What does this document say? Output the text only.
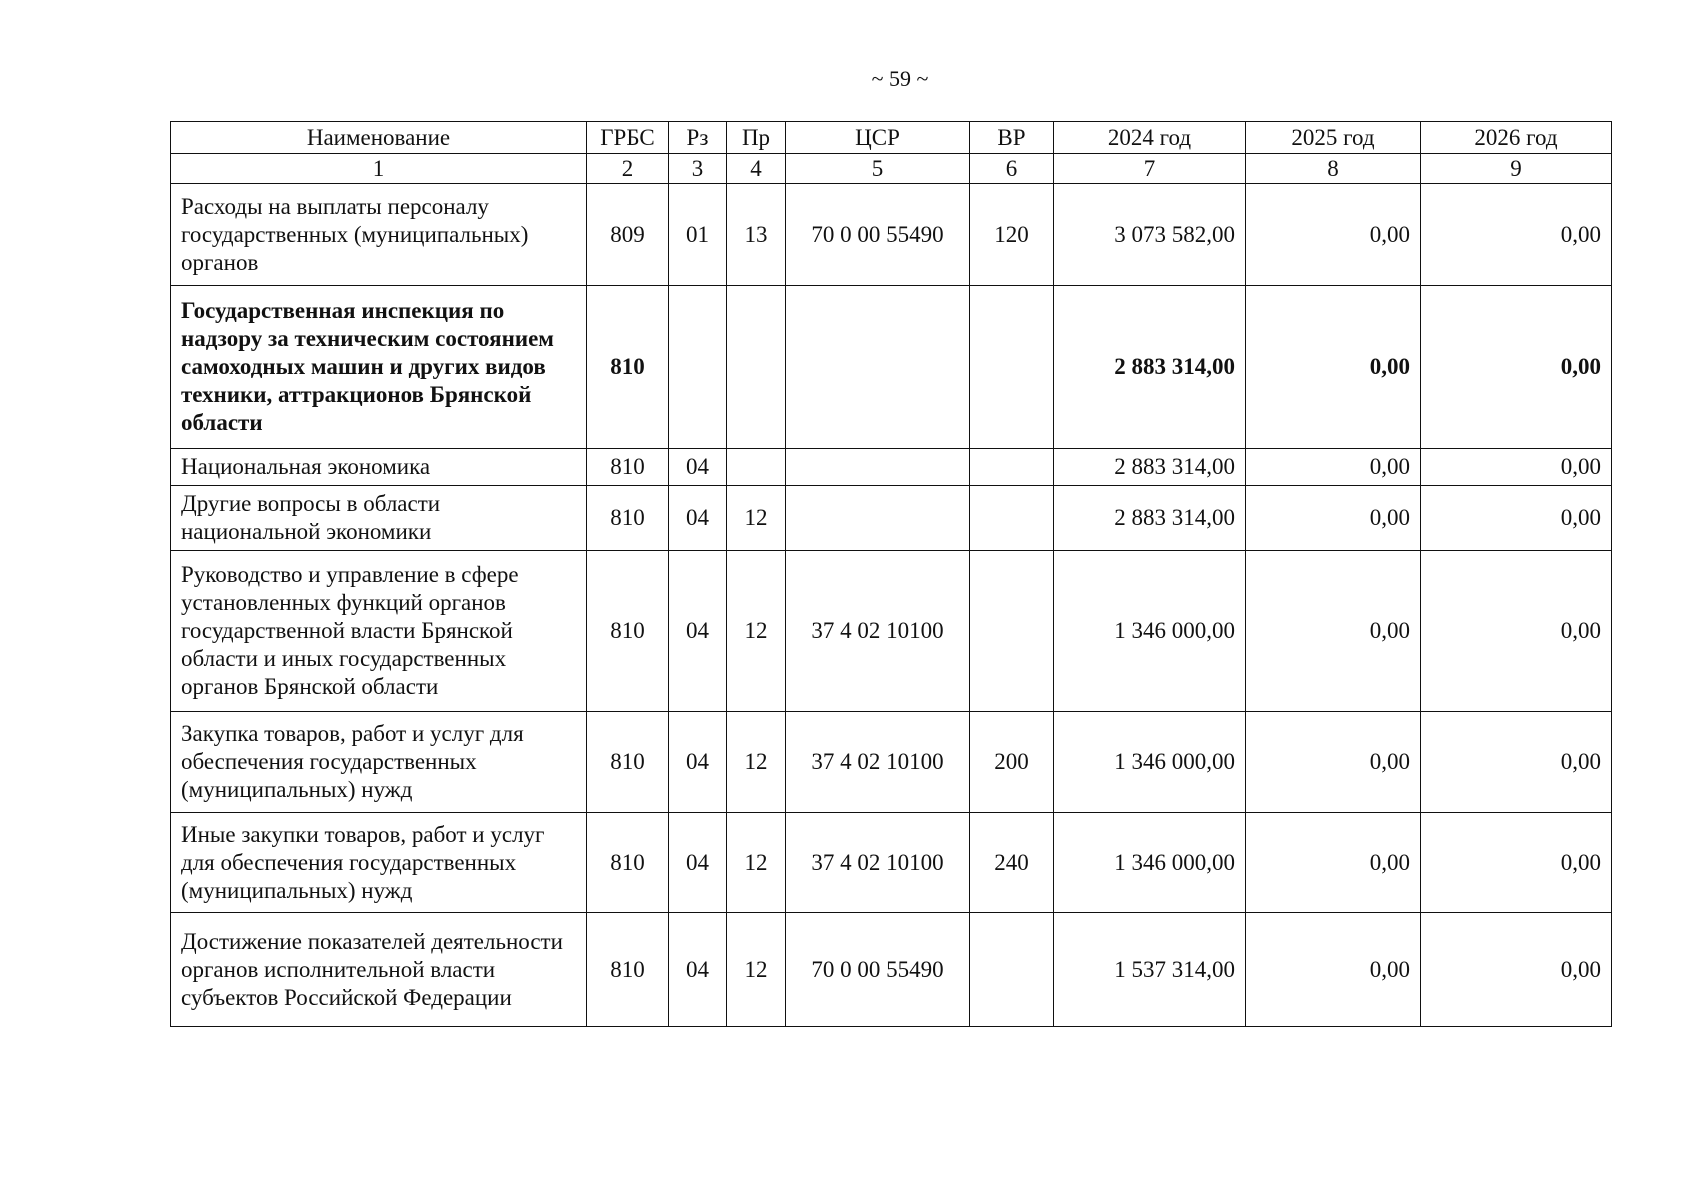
~ 59 ~
Наименование	ГРБС	Рз	Пр	ЦСР	ВР	2024 год	2025 год	2026 год
1	2	3	4	5	6	7	8	9
Расходы на выплаты персоналу государственных (муниципальных) органов	809	01	13	70 0 00 55490	120	3 073 582,00	0,00	0,00
Государственная инспекция по надзору за техническим состоянием самоходных машин и других видов техники, аттракционов Брянской области	810					2 883 314,00	0,00	0,00
Национальная экономика	810	04				2 883 314,00	0,00	0,00
Другие вопросы в области национальной экономики	810	04	12			2 883 314,00	0,00	0,00
Руководство и управление в сфере установленных функций органов государственной власти Брянской области и иных государственных органов Брянской области	810	04	12	37 4 02 10100		1 346 000,00	0,00	0,00
Закупка товаров, работ и услуг для обеспечения государственных (муниципальных) нужд	810	04	12	37 4 02 10100	200	1 346 000,00	0,00	0,00
Иные закупки товаров, работ и услуг для обеспечения государственных (муниципальных) нужд	810	04	12	37 4 02 10100	240	1 346 000,00	0,00	0,00
Достижение показателей деятельности органов исполнительной власти субъектов Российской Федерации	810	04	12	70 0 00 55490		1 537 314,00	0,00	0,00
